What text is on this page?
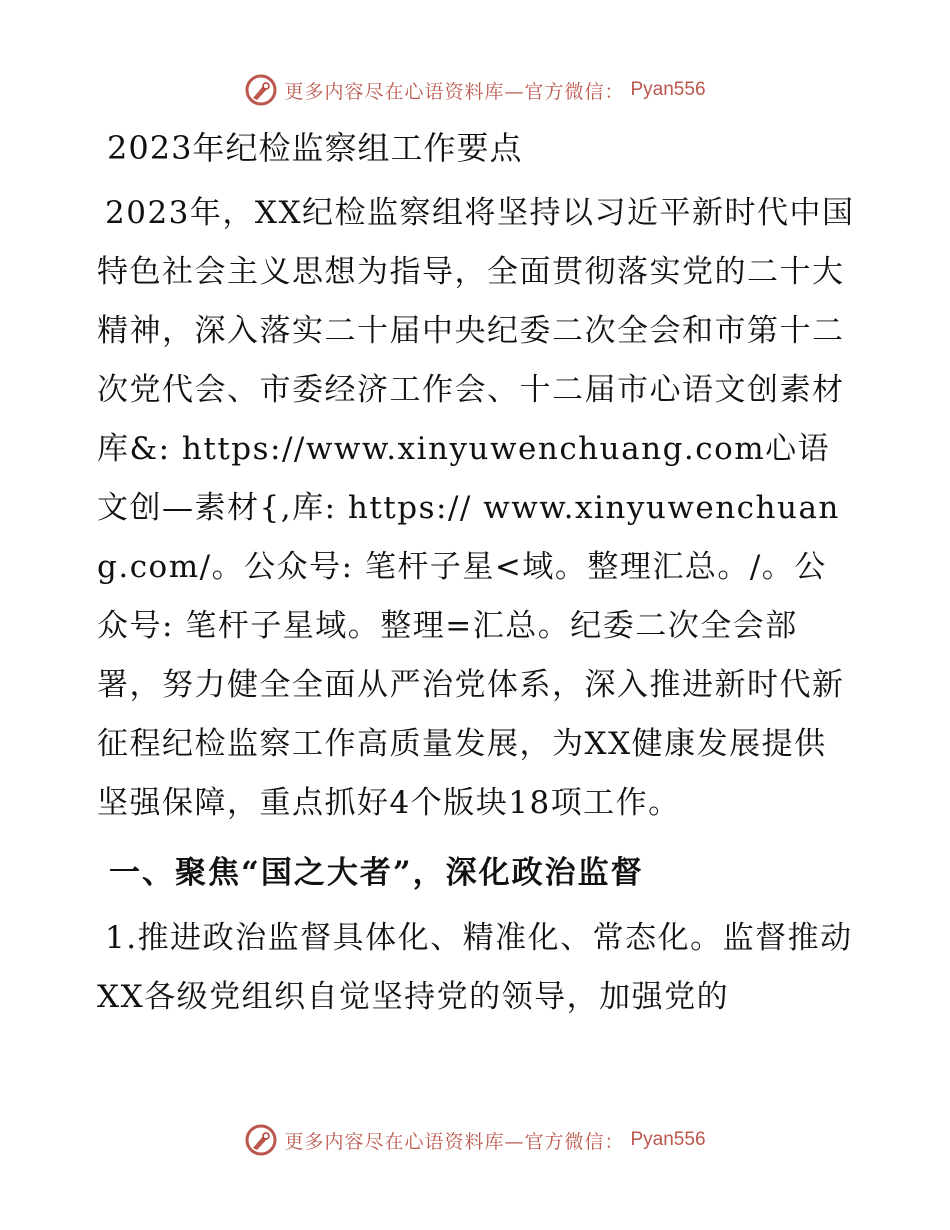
更多内容尽在心语资料库—官方微信： Pyan556
2023年纪检监察组工作要点

2023年，XX纪检监察组将坚持以习近平新时代中国特色社会主义思想为指导，全面贯彻落实党的二十大精神，深入落实二十届中央纪委二次全会和市第十二次党代会、市委经济工作会、十二届市心语文创素材库&: https://www.xinyuwenchuang.com心语文创—素材{,库: https:// www.xinyuwenchuang.com/。公众号: 笔杆子星<域。整理汇总。/。公众号: 笔杆子星域。整理=汇总。纪委二次全会部署，努力健全全面从严治党体系，深入推进新时代新征程纪检监察工作高质量发展，为XX健康发展提供坚强保障，重点抓好4个版块18项工作。

一、聚焦“国之大者”，深化政治监督

1.推进政治监督具体化、精准化、常态化。监督推动XX各级党组织自觉坚持党的领导，加强党的

更多内容尽在心语资料库—官方微信： Pyan556
